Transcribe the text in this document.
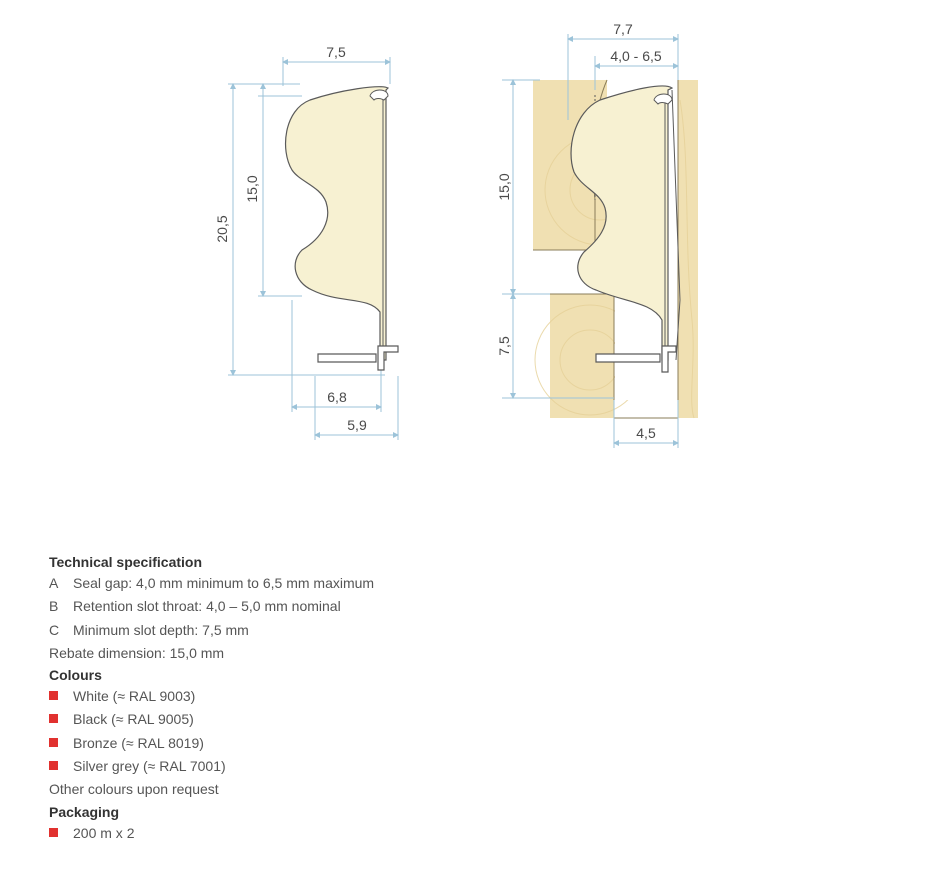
7,5
20,5
15,0
6,8
5,9
7,7
4,0 - 6,5
15,0
7,5
4,5
Technical specification
A Seal gap: 4,0 mm minimum to 6,5 mm maximum
B Retention slot throat: 4,0 – 5,0 mm nominal
C Minimum slot depth: 7,5 mm
Rebate dimension: 15,0 mm
Colours
White (≈ RAL 9003)
Black (≈ RAL 9005)
Bronze (≈ RAL 8019)
Silver grey (≈ RAL 7001)
Other colours upon request
Packaging
200 m x 2
